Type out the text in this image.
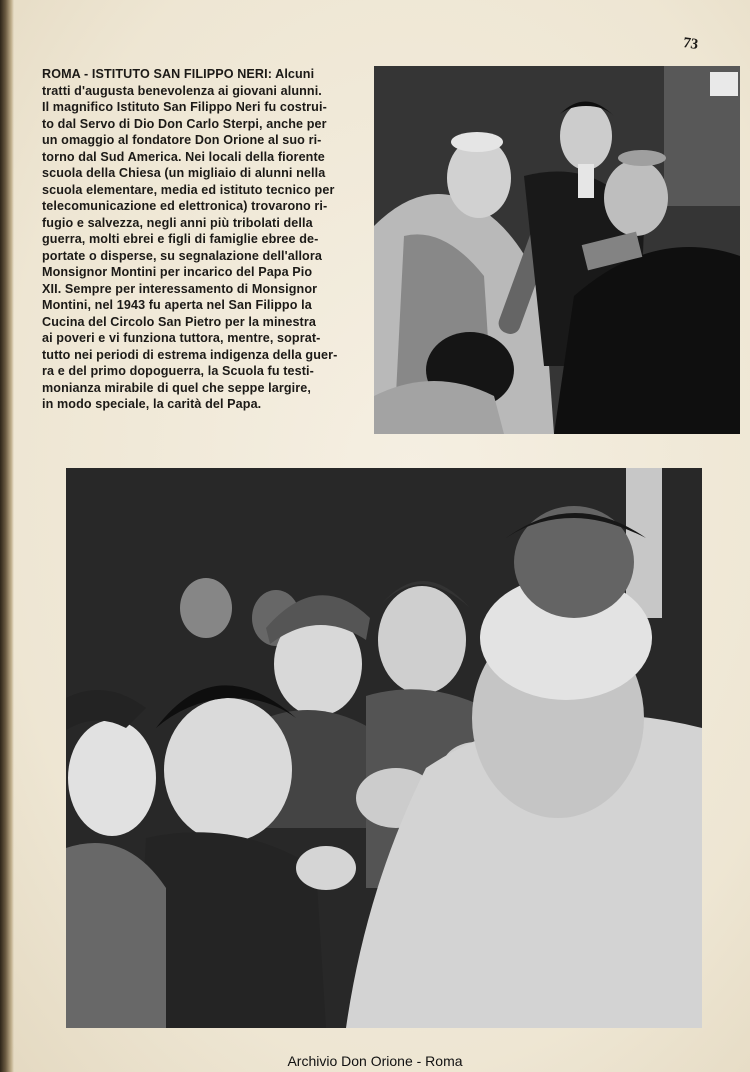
73
ROMA - ISTITUTO SAN FILIPPO NERI: Alcuni
tratti d'augusta benevolenza ai giovani alunni.
Il magnifico Istituto San Filippo Neri fu costrui-
to dal Servo di Dio Don Carlo Sterpi, anche per
un omaggio al fondatore Don Orione al suo ri-
torno dal Sud America. Nei locali della fiorente
scuola della Chiesa (un migliaio di alunni nella
scuola elementare, media ed istituto tecnico per
telecomunicazione ed elettronica) trovarono ri-
fugio e salvezza, negli anni più tribolati della
guerra, molti ebrei e figli di famiglie ebree de-
portate o disperse, su segnalazione dell'allora
Monsignor Montini per incarico del Papa Pio
XII. Sempre per interessamento di Monsignor
Montini, nel 1943 fu aperta nel San Filippo la
Cucina del Circolo San Pietro per la minestra
ai poveri e vi funziona tuttora, mentre, soprat-
tutto nei periodi di estrema indigenza della guer-
ra e del primo dopoguerra, la Scuola fu testi-
monianza mirabile di quel che seppe largire,
in modo speciale, la carità del Papa.
Archivio Don Orione - Roma
